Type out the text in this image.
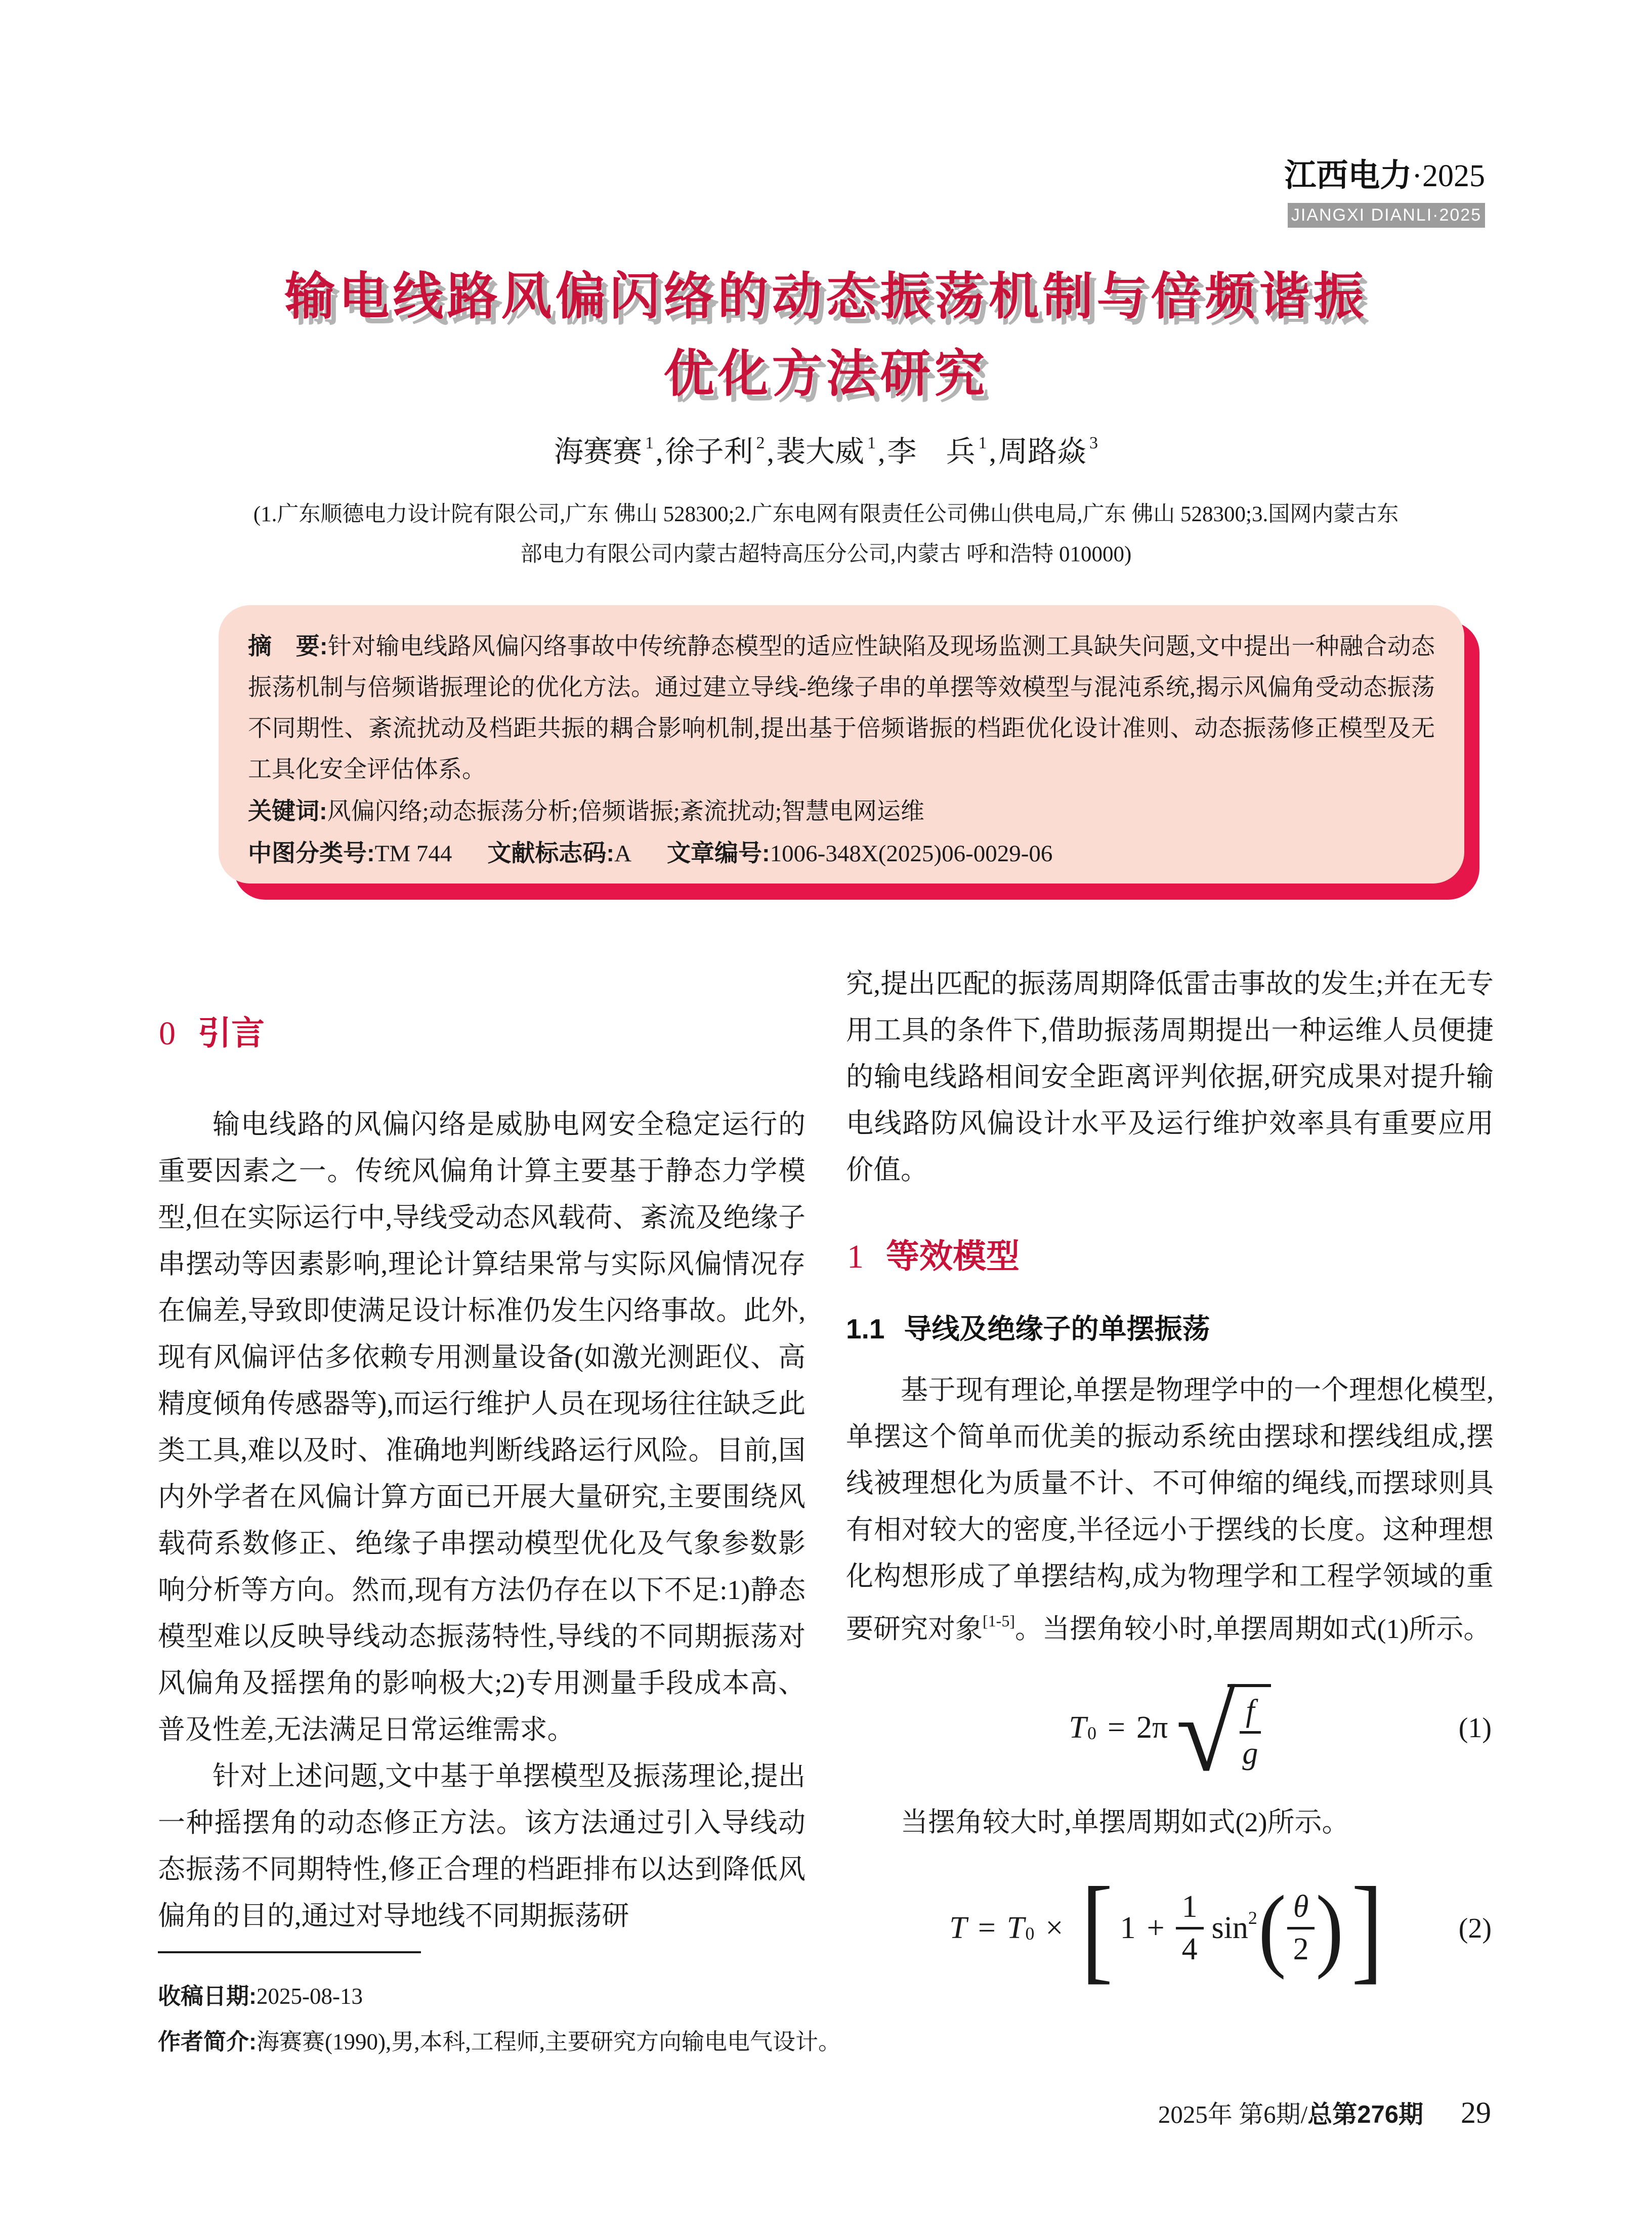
江西电力·2025
JIANGXI DIANLI·2025
输电线路风偏闪络的动态振荡机制与倍频谐振
优化方法研究
海赛赛 $^1$,徐子利 $^2$,裴大威 $^1$,李　兵 $^1$,周路焱 $^3$
(1.广东顺德电力设计院有限公司,广东 佛山 528300;2.广东电网有限责任公司佛山供电局,广东 佛山 528300;3.国网内蒙古东
部电力有限公司内蒙古超特高压分公司,内蒙古 呼和浩特 010000)

摘　要:针对输电线路风偏闪络事故中传统静态模型的适应性缺陷及现场监测工具缺失问题,文中提出一种融合动态振荡机制与倍频谐振理论的优化方法。通过建立导线-绝缘子串的单摆等效模型与混沌系统,揭示风偏角受动态振荡不同期性、紊流扰动及档距共振的耦合影响机制,提出基于倍频谐振的档距优化设计准则、动态振荡修正模型及无工具化安全评估体系。

关键词:风偏闪络;动态振荡分析;倍频谐振;紊流扰动;智慧电网运维

中图分类号:TM 744 文献标志码:A 文章编号:1006-348X(2025)06-0029-06

0 引言

输电线路的风偏闪络是威胁电网安全稳定运行的重要因素之一。传统风偏角计算主要基于静态力学模型,但在实际运行中,导线受动态风载荷、紊流及绝缘子串摆动等因素影响,理论计算结果常与实际风偏情况存在偏差,导致即使满足设计标准仍发生闪络事故。此外,现有风偏评估多依赖专用测量设备(如激光测距仪、高精度倾角传感器等),而运行维护人员在现场往往缺乏此类工具,难以及时、准确地判断线路运行风险。目前,国内外学者在风偏计算方面已开展大量研究,主要围绕风载荷系数修正、绝缘子串摆动模型优化及气象参数影响分析等方向。然而,现有方法仍存在以下不足:1)静态模型难以反映导线动态振荡特性,导线的不同期振荡对风偏角及摇摆角的影响极大;2)专用测量手段成本高、普及性差,无法满足日常运维需求。

针对上述问题,文中基于单摆模型及振荡理论,提出一种摇摆角的动态修正方法。该方法通过引入导线动态振荡不同期特性,修正合理的档距排布以达到降低风偏角的目的,通过对导地线不同期振荡研

收稿日期:2025-08-13

作者简介:海赛赛(1990),男,本科,工程师,主要研究方向输电电气设计。

究,提出匹配的振荡周期降低雷击事故的发生;并在无专用工具的条件下,借助振荡周期提出一种运维人员便捷的输电线路相间安全距离评判依据,研究成果对提升输电线路防风偏设计水平及运行维护效率具有重要应用价值。

1 等效模型
1.1 导线及绝缘子的单摆振荡

基于现有理论,单摆是物理学中的一个理想化模型,单摆这个简单而优美的振动系统由摆球和摆线组成,摆线被理想化为质量不计、不可伸缩的绳线,而摆球则具有相对较大的密度,半径远小于摆线的长度。这种理想化构想形成了单摆结构,成为物理学和工程学领域的重要研究对象[1-5]。当摆角较小时,单摆周期如式(1)所示。

$T_0 = 2\pi$ √ $\frac{f}{g}$	(1)

当摆角较大时,单摆周期如式(2)所示。

$T = T_0$ × [ $1 + \frac{1}{4} \sin^2$ ( $\frac{\theta}{2}$ ) ]	(2)
2025年 第6期/ 总第276期 29
